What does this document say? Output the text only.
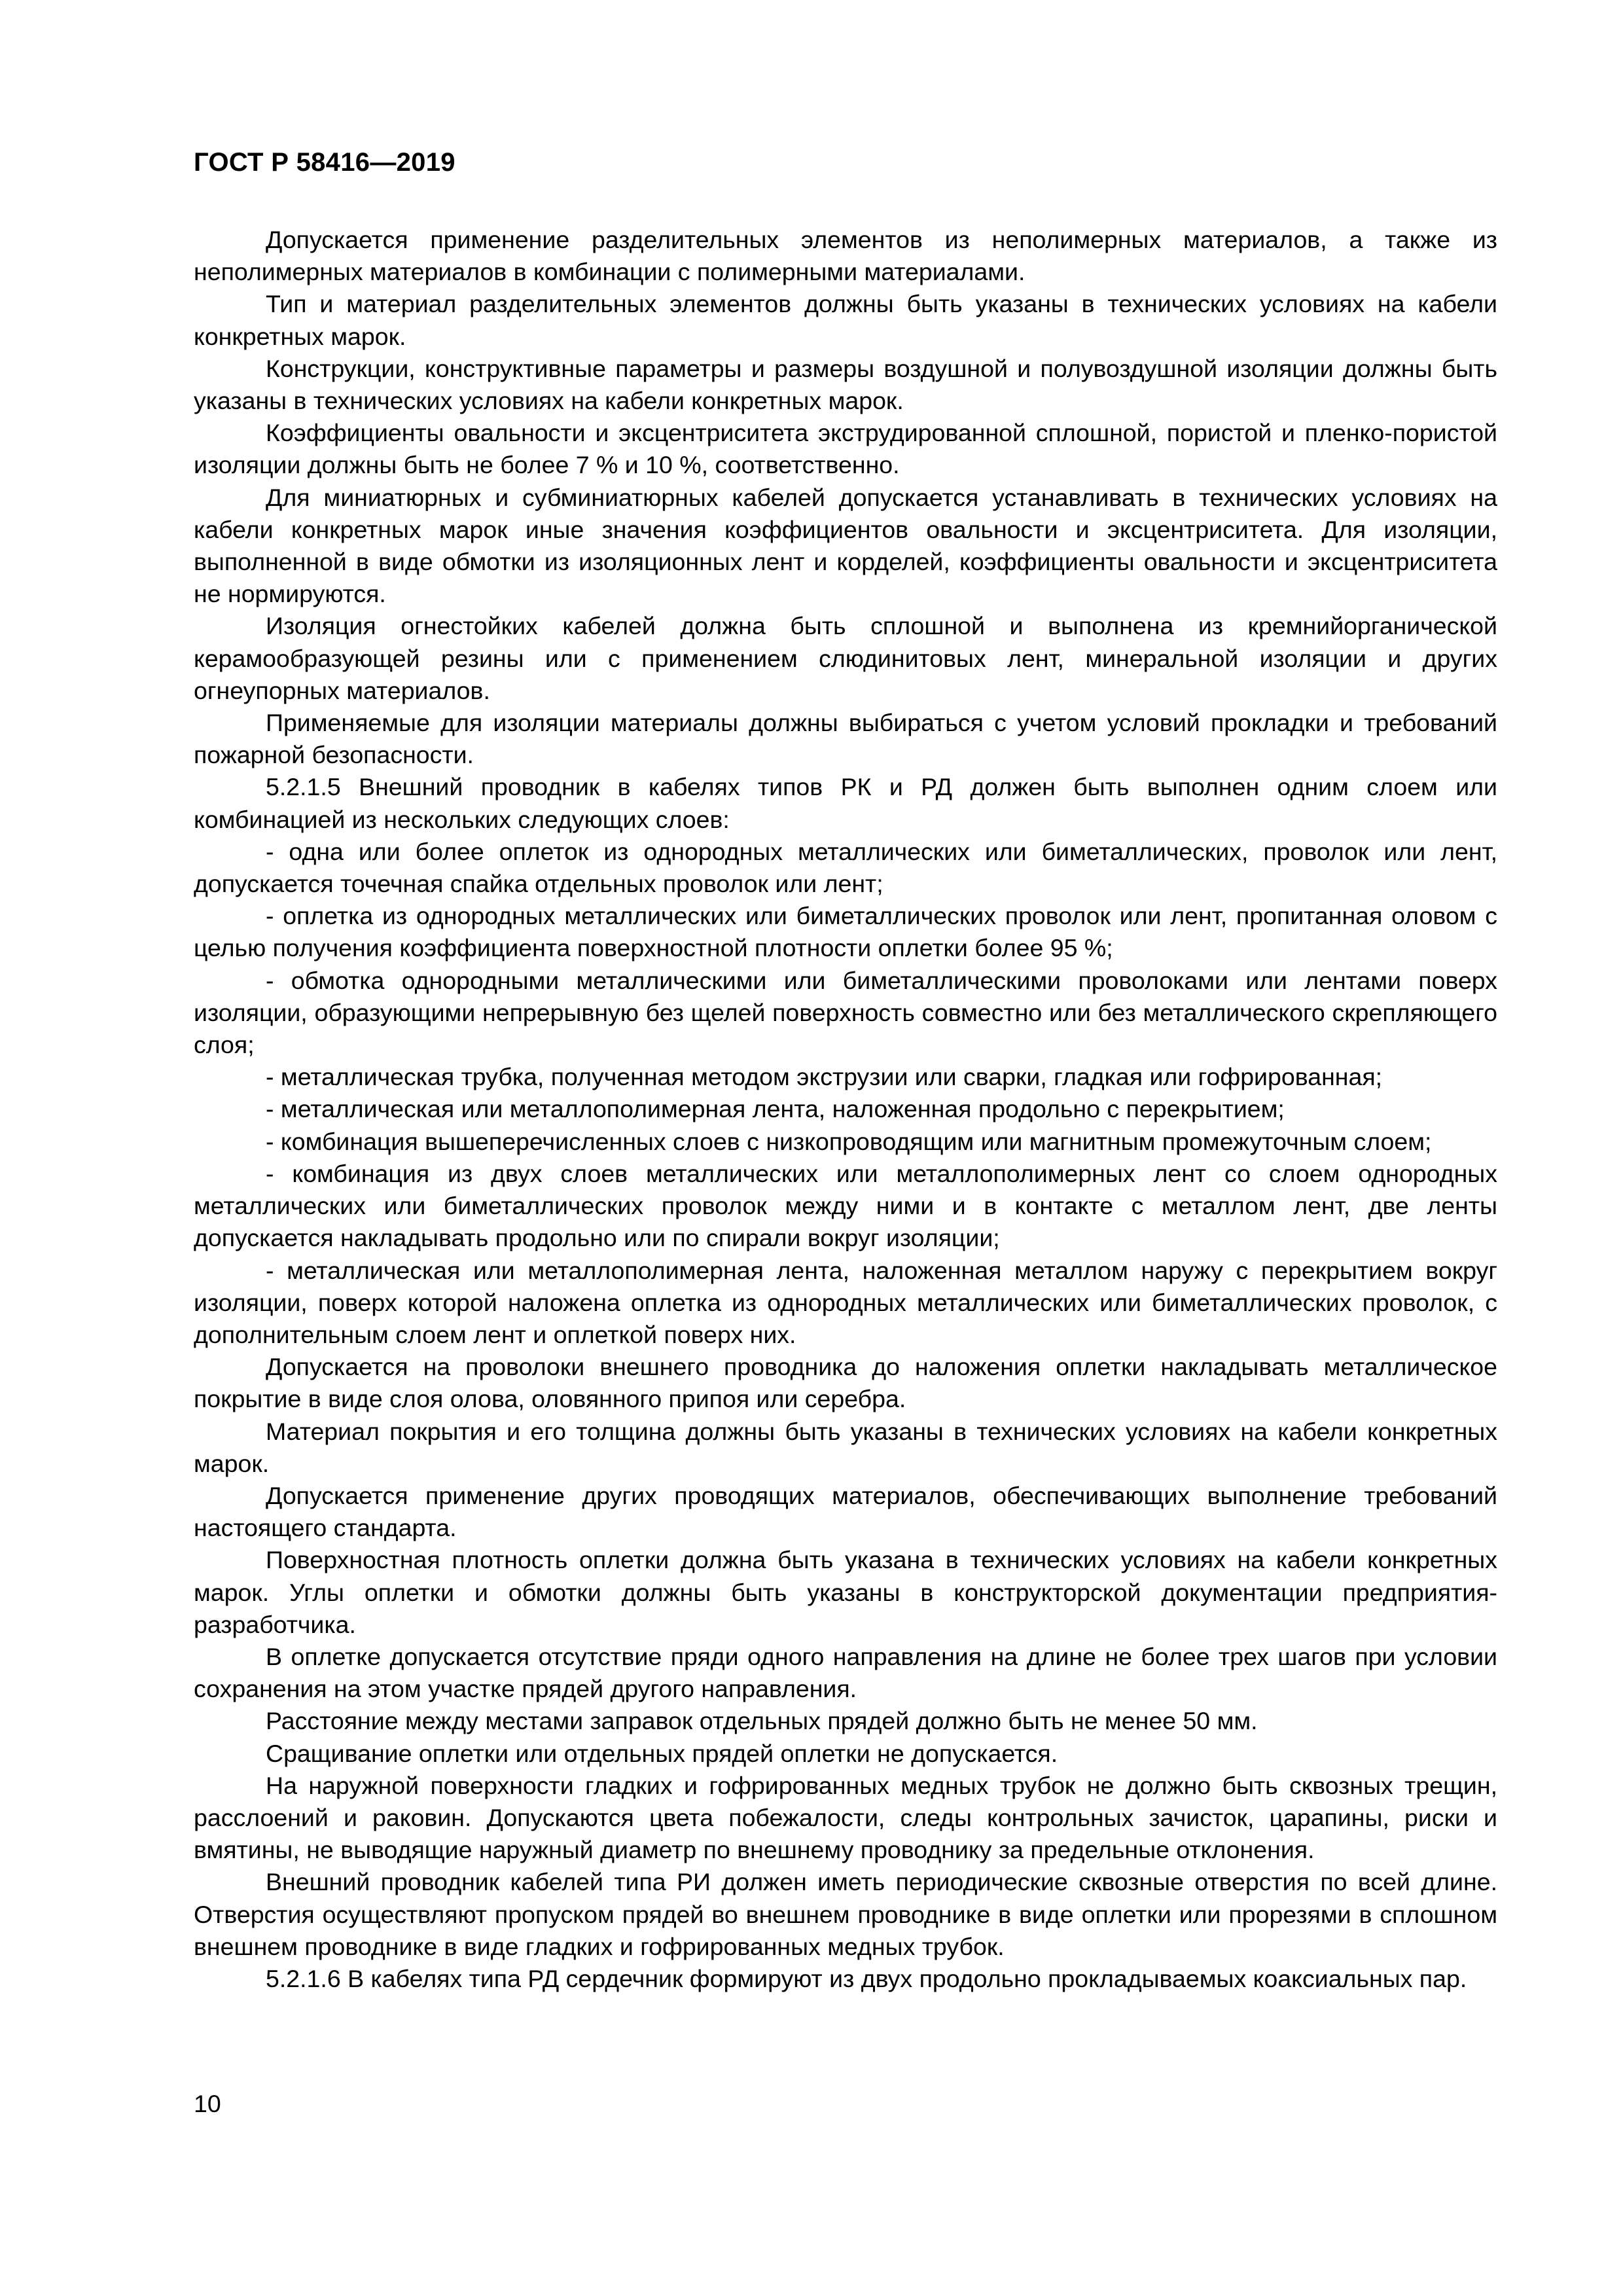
ГОСТ Р 58416—2019

Допускается применение разделительных элементов из неполимерных материалов, а также из неполимерных материалов в комбинации с полимерными материалами.

Тип и материал разделительных элементов должны быть указаны в технических условиях на кабели конкретных марок.

Конструкции, конструктивные параметры и размеры воздушной и полувоздушной изоляции должны быть указаны в технических условиях на кабели конкретных марок.

Коэффициенты овальности и эксцентриситета экструдированной сплошной, пористой и пленко-пористой изоляции должны быть не более 7 % и 10 %, соответственно.

Для миниатюрных и субминиатюрных кабелей допускается устанавливать в технических условиях на кабели конкретных марок иные значения коэффициентов овальности и эксцентриситета. Для изоляции, выполненной в виде обмотки из изоляционных лент и корделей, коэффициенты овальности и эксцентриситета не нормируются.

Изоляция огнестойких кабелей должна быть сплошной и выполнена из кремнийорганической керамообразующей резины или с применением слюдинитовых лент, минеральной изоляции и других огнеупорных материалов.

Применяемые для изоляции материалы должны выбираться с учетом условий прокладки и требований пожарной безопасности.

5.2.1.5 Внешний проводник в кабелях типов РК и РД должен быть выполнен одним слоем или комбинацией из нескольких следующих слоев:

- одна или более оплеток из однородных металлических или биметаллических, проволок или лент, допускается точечная спайка отдельных проволок или лент;

- оплетка из однородных металлических или биметаллических проволок или лент, пропитанная оловом с целью получения коэффициента поверхностной плотности оплетки более 95 %;

- обмотка однородными металлическими или биметаллическими проволоками или лентами поверх изоляции, образующими непрерывную без щелей поверхность совместно или без металлического скрепляющего слоя;

- металлическая трубка, полученная методом экструзии или сварки, гладкая или гофрированная;

- металлическая или металлополимерная лента, наложенная продольно с перекрытием;

- комбинация вышеперечисленных слоев с низкопроводящим или магнитным промежуточным слоем;

- комбинация из двух слоев металлических или металлополимерных лент со слоем однородных металлических или биметаллических проволок между ними и в контакте с металлом лент, две ленты допускается накладывать продольно или по спирали вокруг изоляции;

- металлическая или металлополимерная лента, наложенная металлом наружу с перекрытием вокруг изоляции, поверх которой наложена оплетка из однородных металлических или биметаллических проволок, с дополнительным слоем лент и оплеткой поверх них.

Допускается на проволоки внешнего проводника до наложения оплетки накладывать металлическое покрытие в виде слоя олова, оловянного припоя или серебра.

Материал покрытия и его толщина должны быть указаны в технических условиях на кабели конкретных марок.

Допускается применение других проводящих материалов, обеспечивающих выполнение требований настоящего стандарта.

Поверхностная плотность оплетки должна быть указана в технических условиях на кабели конкретных марок. Углы оплетки и обмотки должны быть указаны в конструкторской документации предприятия-разработчика.

В оплетке допускается отсутствие пряди одного направления на длине не более трех шагов при условии сохранения на этом участке прядей другого направления.

Расстояние между местами заправок отдельных прядей должно быть не менее 50 мм.

Сращивание оплетки или отдельных прядей оплетки не допускается.

На наружной поверхности гладких и гофрированных медных трубок не должно быть сквозных трещин, расслоений и раковин. Допускаются цвета побежалости, следы контрольных зачисток, царапины, риски и вмятины, не выводящие наружный диаметр по внешнему проводнику за предельные отклонения.

Внешний проводник кабелей типа РИ должен иметь периодические сквозные отверстия по всей длине. Отверстия осуществляют пропуском прядей во внешнем проводнике в виде оплетки или прорезями в сплошном внешнем проводнике в виде гладких и гофрированных медных трубок.

5.2.1.6 В кабелях типа РД сердечник формируют из двух продольно прокладываемых коаксиальных пар.

10
